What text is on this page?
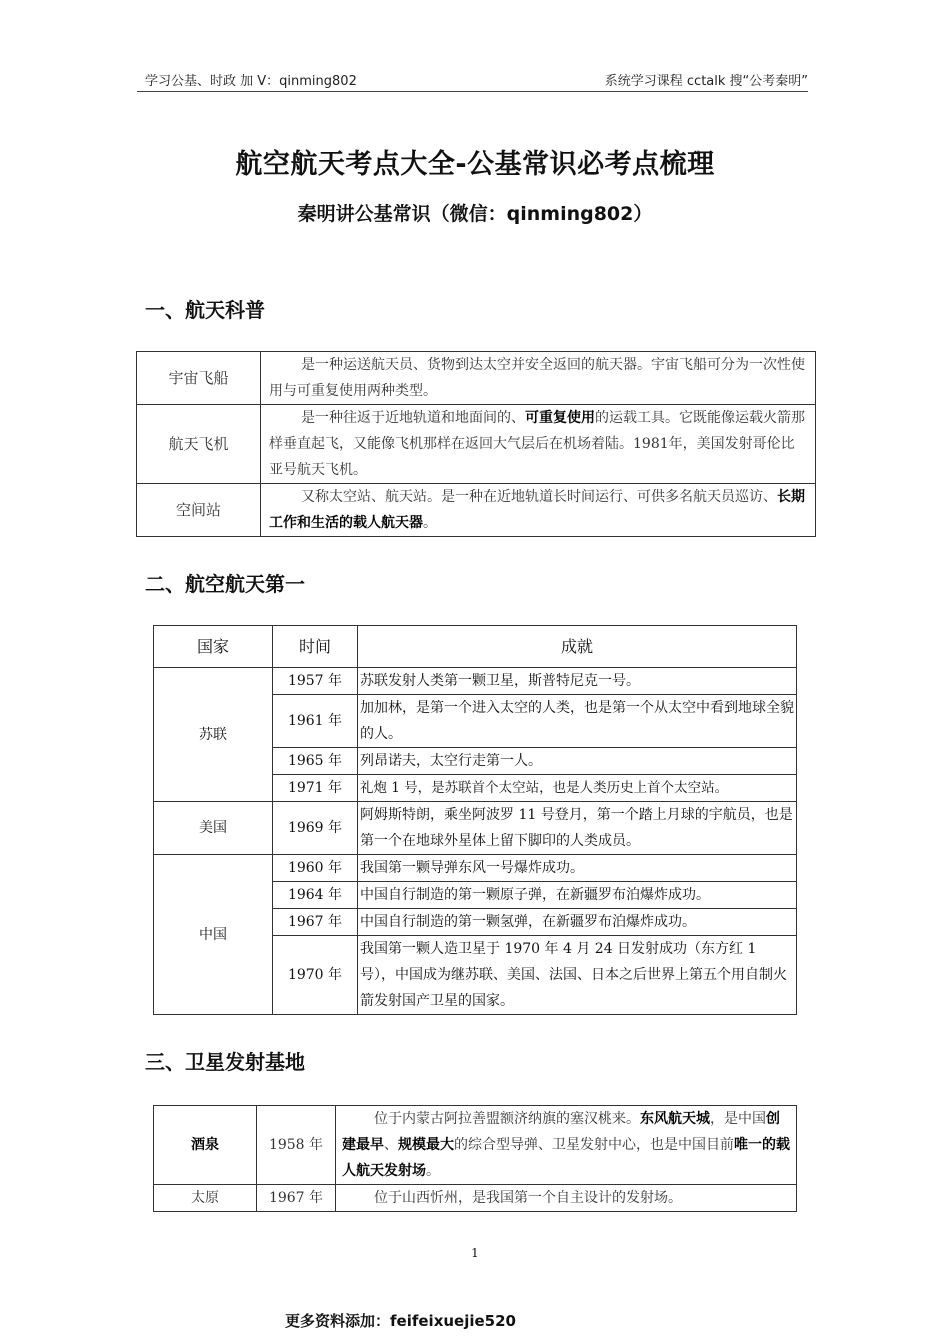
学习公基、时政 加 V：qinming802	系统学习课程 cctalk 搜“公考秦明”
航空航天考点大全-公基常识必考点梳理
秦明讲公基常识（微信：qinming802）
一、航天科普
宇宙飞船	是一种运送航天员、货物到达太空并安全返回的航天器。宇宙飞船可分为一次性使用与可重复使用两种类型。
航天飞机	是一种往返于近地轨道和地面间的、可重复使用的运载工具。它既能像运载火箭那样垂直起飞，又能像飞机那样在返回大气层后在机场着陆。1981年，美国发射哥伦比亚号航天飞机。
空间站	又称太空站、航天站。是一种在近地轨道长时间运行、可供多名航天员巡访、长期工作和生活的载人航天器。
二、航空航天第一
国家	时间	成就
苏联	1957 年	苏联发射人类第一颗卫星，斯普特尼克一号。
	1961 年	加加林，是第一个进入太空的人类，也是第一个从太空中看到地球全貌的人。
	1965 年	列昂诺夫，太空行走第一人。
	1971 年	礼炮 1 号，是苏联首个太空站，也是人类历史上首个太空站。
美国	1969 年	阿姆斯特朗，乘坐阿波罗 11 号登月，第一个踏上月球的宇航员，也是第一个在地球外星体上留下脚印的人类成员。
中国	1960 年	我国第一颗导弹东风一号爆炸成功。
	1964 年	中国自行制造的第一颗原子弹，在新疆罗布泊爆炸成功。
	1967 年	中国自行制造的第一颗氢弹，在新疆罗布泊爆炸成功。
	1970 年	我国第一颗人造卫星于 1970 年 4 月 24 日发射成功（东方红 1 号），中国成为继苏联、美国、法国、日本之后世界上第五个用自制火箭发射国产卫星的国家。
三、卫星发射基地
酒泉	1958 年	位于内蒙古阿拉善盟额济纳旗的塞汉桃来。东风航天城，是中国创建最早、规模最大的综合型导弹、卫星发射中心，也是中国目前唯一的载人航天发射场。
太原	1967 年	位于山西忻州，是我国第一个自主设计的发射场。
1
更多资料添加：feifeixuejie520
